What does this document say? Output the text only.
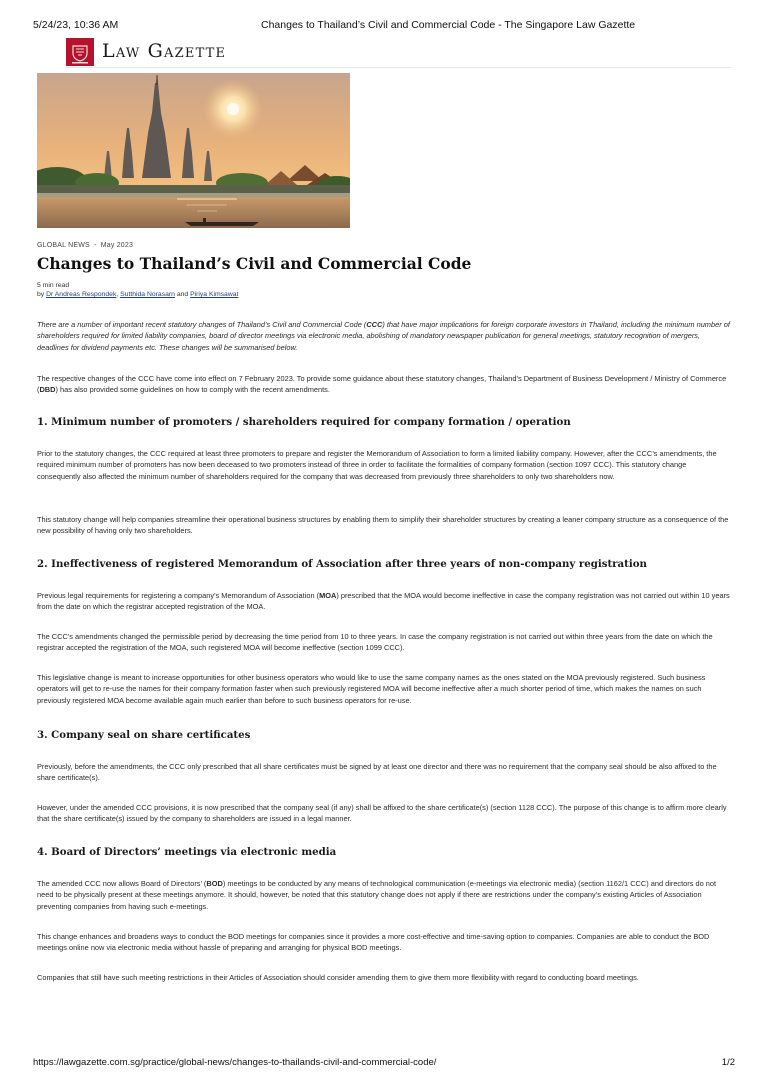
5/24/23, 10:36 AM	Changes to Thailand’s Civil and Commercial Code - The Singapore Law Gazette
Law Gazette
GLOBAL NEWS - May 2023
Changes to Thailand’s Civil and Commercial Code
5 min read
by Dr Andreas Respondek, Sutthida Norasarn and Piriya Kimsawat

There are a number of important recent statutory changes of Thailand’s Civil and Commercial Code (CCC) that have major implications for foreign corporate investors in Thailand, including the minimum number of shareholders required for limited liability companies, board of director meetings via electronic media, abolishing of mandatory newspaper publication for general meetings, statutory recognition of mergers, deadlines for dividend payments etc. These changes will be summarised below.

The respective changes of the CCC have come into effect on 7 February 2023. To provide some guidance about these statutory changes, Thailand’s Department of Business Development / Ministry of Commerce (DBD) has also provided some guidelines on how to comply with the recent amendments.

1. Minimum number of promoters / shareholders required for company formation / operation

Prior to the statutory changes, the CCC required at least three promoters to prepare and register the Memorandum of Association to form a limited liability company. However, after the CCC’s amendments, the required minimum number of promoters has now been deceased to two promoters instead of three in order to facilitate the formalities of company formation (section 1097 CCC). This statutory change consequently also affected the minimum number of shareholders required for the company that was decreased from previously three shareholders to only two shareholders now.

This statutory change will help companies streamline their operational business structures by enabling them to simplify their shareholder structures by creating a leaner company structure as a consequence of the new possibility of having only two shareholders.

2. Ineffectiveness of registered Memorandum of Association after three years of non-company registration

Previous legal requirements for registering a company’s Memorandum of Association (MOA) prescribed that the MOA would become ineffective in case the company registration was not carried out within 10 years from the date on which the registrar accepted registration of the MOA.

The CCC’s amendments changed the permissible period by decreasing the time period from 10 to three years. In case the company registration is not carried out within three years from the date on which the registrar accepted the registration of the MOA, such registered MOA will become ineffective (section 1099 CCC).

This legislative change is meant to increase opportunities for other business operators who would like to use the same company names as the ones stated on the MOA previously registered. Such business operators will get to re-use the names for their company formation faster when such previously registered MOA will become ineffective after a much shorter period of time, which makes the names on such previously registered MOA become available again much earlier than before to such business operators for re-use.

3. Company seal on share certificates

Previously, before the amendments, the CCC only prescribed that all share certificates must be signed by at least one director and there was no requirement that the company seal should be also affixed to the share certificate(s).

However, under the amended CCC provisions, it is now prescribed that the company seal (if any) shall be affixed to the share certificate(s) (section 1128 CCC). The purpose of this change is to affirm more clearly that the share certificate(s) issued by the company to shareholders are issued in a legal manner.

4. Board of Directors’ meetings via electronic media

The amended CCC now allows Board of Directors’ (BOD) meetings to be conducted by any means of technological communication (e-meetings via electronic media) (section 1162/1 CCC) and directors do not need to be physically present at these meetings anymore. It should, however, be noted that this statutory change does not apply if there are restrictions under the company’s existing Articles of Association preventing companies from having such e-meetings.

This change enhances and broadens ways to conduct the BOD meetings for companies since it provides a more cost-effective and time-saving option to companies. Companies are able to conduct the BOD meetings online now via electronic media without hassle of preparing and arranging for physical BOD meetings.

Companies that still have such meeting restrictions in their Articles of Association should consider amending them to give them more flexibility with regard to conducting board meetings.

https://lawgazette.com.sg/practice/global-news/changes-to-thailands-civil-and-commercial-code/	1/2
